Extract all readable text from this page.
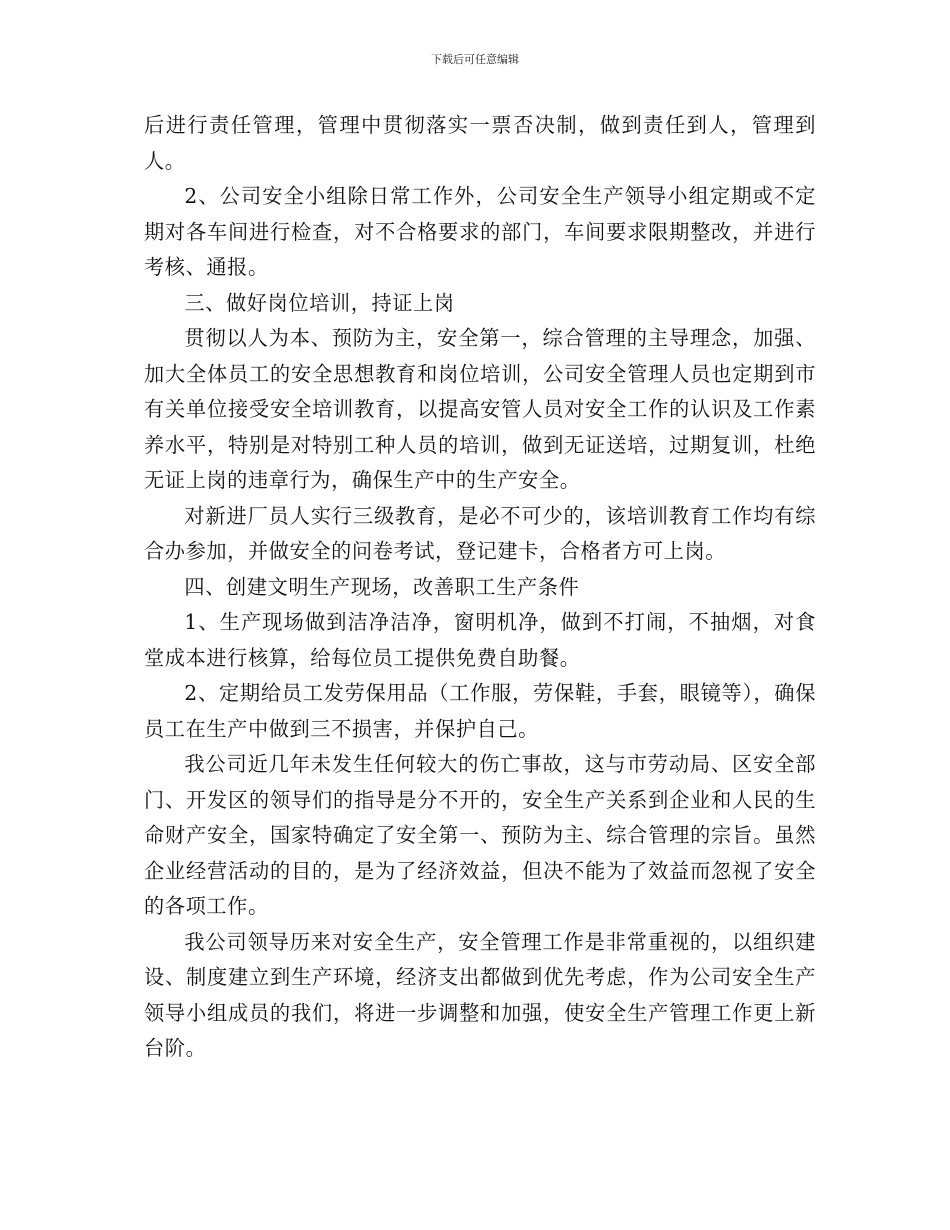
下载后可任意编辑

后进行责任管理，管理中贯彻落实一票否决制，做到责任到人，管理到人。

2、公司安全小组除日常工作外，公司安全生产领导小组定期或不定期对各车间进行检查，对不合格要求的部门，车间要求限期整改，并进行考核、通报。

三、做好岗位培训，持证上岗

贯彻以人为本、预防为主，安全第一，综合管理的主导理念，加强、加大全体员工的安全思想教育和岗位培训，公司安全管理人员也定期到市有关单位接受安全培训教育，以提高安管人员对安全工作的认识及工作素养水平，特别是对特别工种人员的培训，做到无证送培，过期复训，杜绝无证上岗的违章行为，确保生产中的生产安全。

对新进厂员人实行三级教育，是必不可少的，该培训教育工作均有综合办参加，并做安全的问卷考试，登记建卡，合格者方可上岗。

四、创建文明生产现场，改善职工生产条件

1、生产现场做到洁净洁净，窗明机净，做到不打闹，不抽烟，对食堂成本进行核算，给每位员工提供免费自助餐。

2、定期给员工发劳保用品（工作服，劳保鞋，手套，眼镜等），确保员工在生产中做到三不损害，并保护自己。

我公司近几年未发生任何较大的伤亡事故，这与市劳动局、区安全部门、开发区的领导们的指导是分不开的，安全生产关系到企业和人民的生命财产安全，国家特确定了安全第一、预防为主、综合管理的宗旨。虽然企业经营活动的目的，是为了经济效益，但决不能为了效益而忽视了安全的各项工作。

我公司领导历来对安全生产，安全管理工作是非常重视的，以组织建设、制度建立到生产环境，经济支出都做到优先考虑，作为公司安全生产领导小组成员的我们，将进一步调整和加强，使安全生产管理工作更上新台阶。
